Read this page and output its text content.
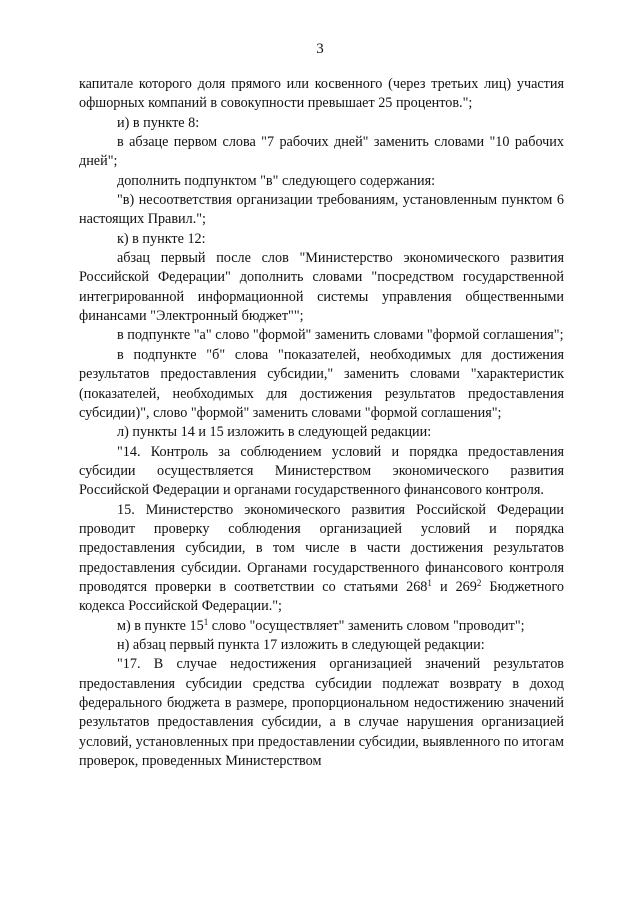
3

капитале которого доля прямого или косвенного (через третьих лиц) участия офшорных компаний в совокупности превышает 25 процентов.";

и) в пункте 8:

в абзаце первом слова "7 рабочих дней" заменить словами "10 рабочих дней";

дополнить подпунктом "в" следующего содержания:

"в) несоответствия организации требованиям, установленным пунктом 6 настоящих Правил.";

к) в пункте 12:

абзац первый после слов "Министерство экономического развития Российской Федерации" дополнить словами "посредством государственной интегрированной информационной системы управления общественными финансами "Электронный бюджет"";

в подпункте "а" слово "формой" заменить словами "формой соглашения";

в подпункте "б" слова "показателей, необходимых для достижения результатов предоставления субсидии," заменить словами "характеристик (показателей, необходимых для достижения результатов предоставления субсидии)", слово "формой" заменить словами "формой соглашения";

л) пункты 14 и 15 изложить в следующей редакции:

"14. Контроль за соблюдением условий и порядка предоставления субсидии осуществляется Министерством экономического развития Российской Федерации и органами государственного финансового контроля.

15. Министерство экономического развития Российской Федерации проводит проверку соблюдения организацией условий и порядка предоставления субсидии, в том числе в части достижения результатов предоставления субсидии. Органами государственного финансового контроля проводятся проверки в соответствии со статьями $268^1$ и $269^2$ Бюджетного кодекса Российской Федерации.";

м) в пункте $15^1$ слово "осуществляет" заменить словом "проводит";

н) абзац первый пункта 17 изложить в следующей редакции:

"17. В случае недостижения организацией значений результатов предоставления субсидии средства субсидии подлежат возврату в доход федерального бюджета в размере, пропорциональном недостижению значений результатов предоставления субсидии, а в случае нарушения организацией условий, установленных при предоставлении субсидии, выявленного по итогам проверок, проведенных Министерством
